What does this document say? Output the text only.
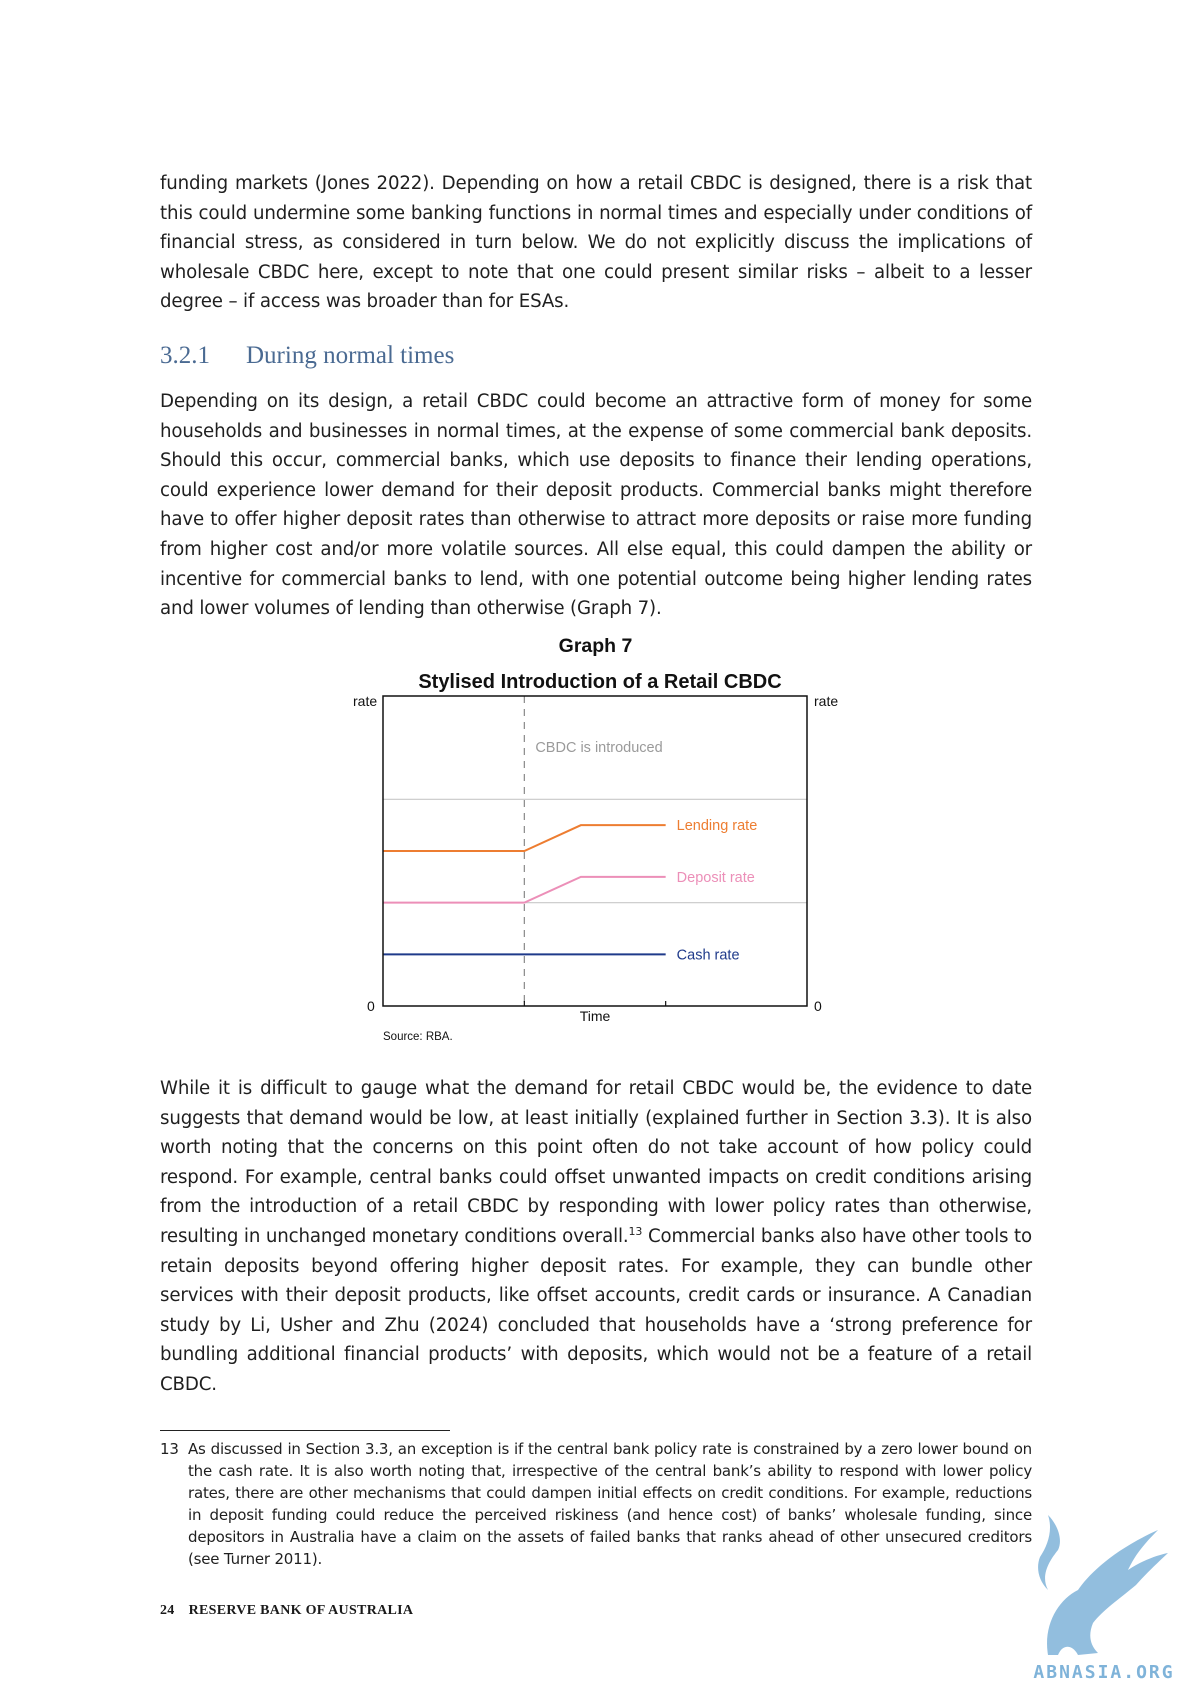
funding markets (Jones 2022). Depending on how a retail CBDC is designed, there is a risk that this could undermine some banking functions in normal times and especially under conditions of financial stress, as considered in turn below. We do not explicitly discuss the implications of wholesale CBDC here, except to note that one could present similar risks – albeit to a lesser degree – if access was broader than for ESAs.

3.2.1 During normal times

Depending on its design, a retail CBDC could become an attractive form of money for some households and businesses in normal times, at the expense of some commercial bank deposits. Should this occur, commercial banks, which use deposits to finance their lending operations, could experience lower demand for their deposit products. Commercial banks might therefore have to offer higher deposit rates than otherwise to attract more deposits or raise more funding from higher cost and/or more volatile sources. All else equal, this could dampen the ability or incentive for commercial banks to lend, with one potential outcome being higher lending rates and lower volumes of lending than otherwise (Graph 7).

Graph 7
Stylised Introduction of a Retail CBDC
rate	rate
CBDC is introduced
Lending rate
Deposit rate
Cash rate
0	0
Time
Source: RBA.

While it is difficult to gauge what the demand for retail CBDC would be, the evidence to date suggests that demand would be low, at least initially (explained further in Section 3.3). It is also worth noting that the concerns on this point often do not take account of how policy could respond. For example, central banks could offset unwanted impacts on credit conditions arising from the introduction of a retail CBDC by responding with lower policy rates than otherwise, resulting in unchanged monetary conditions overall.$^{13}$ Commercial banks also have other tools to retain deposits beyond offering higher deposit rates. For example, they can bundle other services with their deposit products, like offset accounts, credit cards or insurance. A Canadian study by Li, Usher and Zhu (2024) concluded that households have a ‘strong preference for bundling additional financial products’ with deposits, which would not be a feature of a retail CBDC.

13 As discussed in Section 3.3, an exception is if the central bank policy rate is constrained by a zero lower bound on the cash rate. It is also worth noting that, irrespective of the central bank’s ability to respond with lower policy rates, there are other mechanisms that could dampen initial effects on credit conditions. For example, reductions in deposit funding could reduce the perceived riskiness (and hence cost) of banks’ wholesale funding, since depositors in Australia have a claim on the assets of failed banks that ranks ahead of other unsecured creditors (see Turner 2011).
24 RESERVE BANK OF AUSTRALIA
ABNASIA.ORG
